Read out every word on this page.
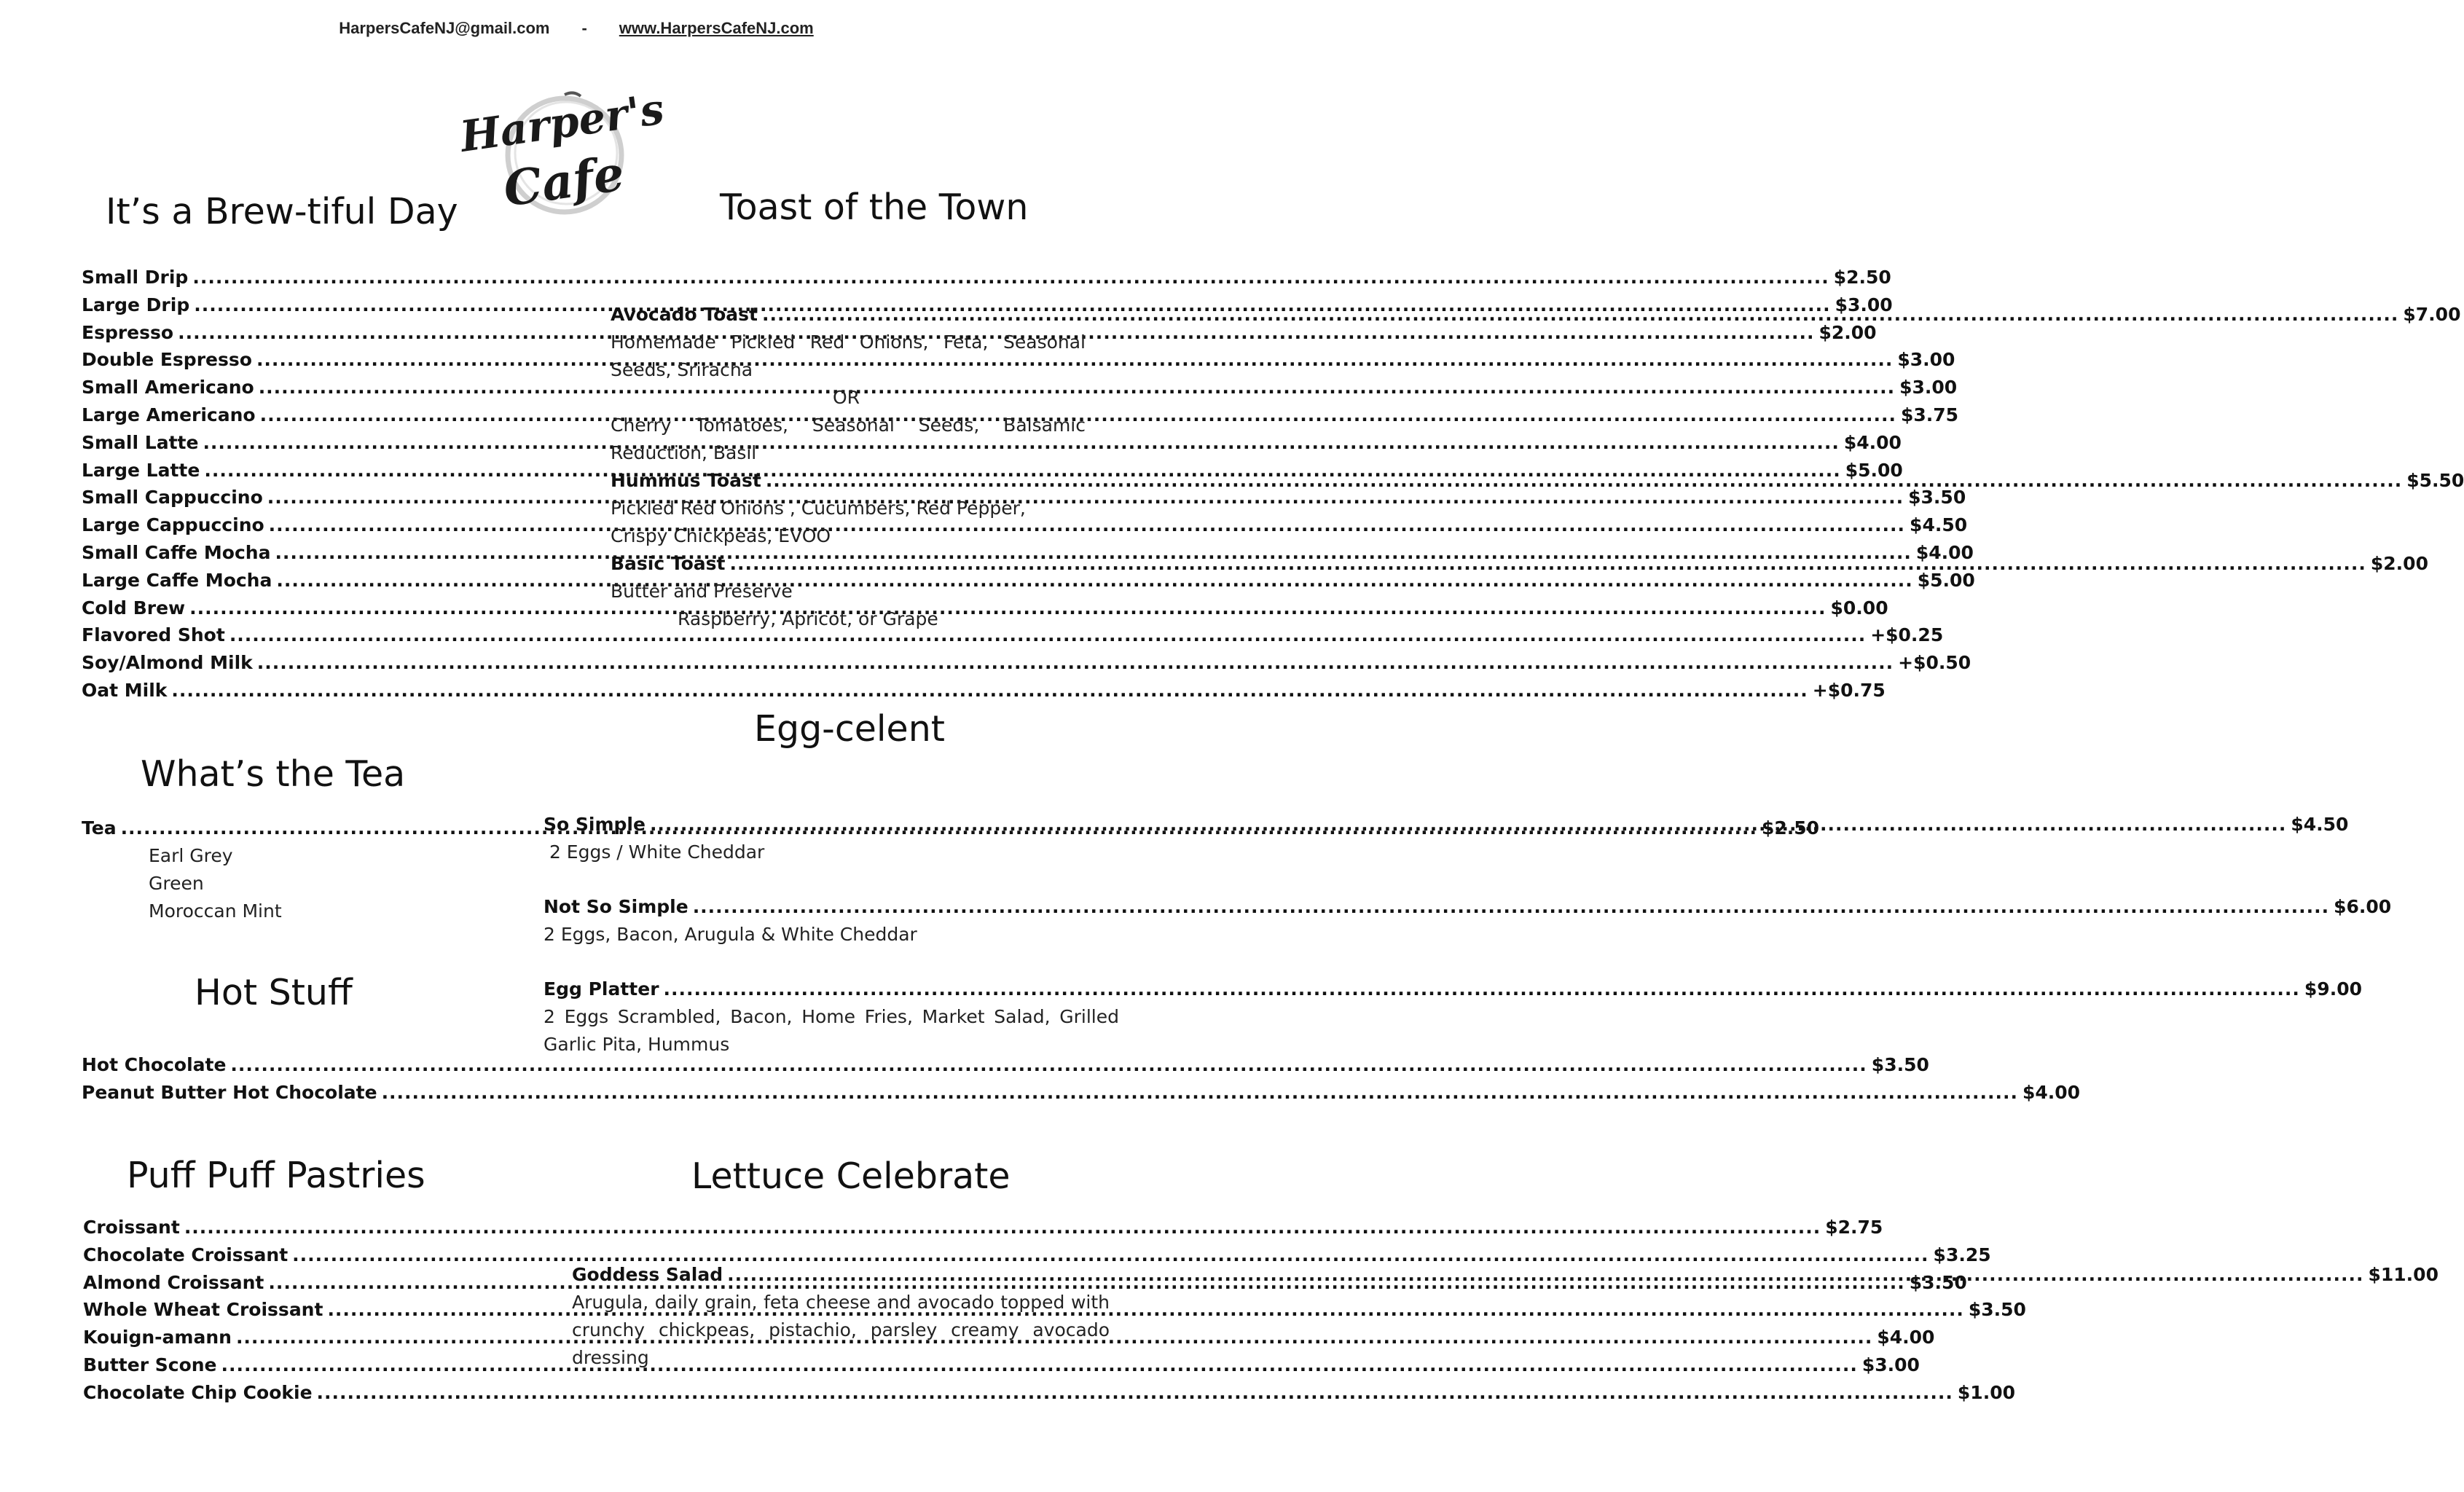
HarpersCafeNJ@gmail.com - www.HarpersCafeNJ.com
Harper's
Cafe
It’s a Brew-tiful Day
Small Drip .....	$2.50
Large Drip .....	$3.00
Espresso .....	$2.00
Double Espresso .....	$3.00
Small Americano .....	$3.00
Large Americano .....	$3.75
Small Latte .....	$4.00
Large Latte .....	$5.00
Small Cappuccino .....	$3.50
Large Cappuccino .....	$4.50
Small Caffe Mocha .....	$4.00
Large Caffe Mocha .....	$5.00
Cold Brew .....	$0.00
Flavored Shot .....	+$0.25
Soy/Almond Milk .....	+$0.50
Oat Milk .....	+$0.75
What’s the Tea
Tea .....	$2.50
Earl Grey
Green
Moroccan Mint
Hot Stuff
Hot Chocolate .....	$3.50
Peanut Butter Hot Chocolate .....	$4.00
Puff Puff Pastries
Croissant .....	$2.75
Chocolate Croissant .....	$3.25
Almond Croissant .....	$3.50
Whole Wheat Croissant .....	$3.50
Kouign-amann .....	$4.00
Butter Scone .....	$3.00
Chocolate Chip Cookie .....	$1.00
Toast of the Town
Avocado Toast .....	$7.00
Homemade Pickled Red Onions, Feta, Seasonal Seeds, Sriracha
OR
Cherry Tomatoes, Seasonal Seeds, Balsamic Reduction, Basil
Hummus Toast .....	$5.50
Pickled Red Onions , Cucumbers, Red Pepper, Crispy Chickpeas, EVOO
Basic Toast .....	$2.00
Butter and Preserve
Raspberry, Apricot, or Grape
Egg-celent
So Simple .....	$4.50
2 Eggs / White Cheddar
Not So Simple .....	$6.00
2 Eggs, Bacon, Arugula & White Cheddar
Egg Platter .....	$9.00
2 Eggs Scrambled, Bacon, Home Fries, Market Salad, Grilled Garlic Pita, Hummus
Lettuce Celebrate
Goddess Salad .....	$11.00
Arugula, daily grain, feta cheese and avocado topped with crunchy chickpeas, pistachio, parsley creamy avocado dressing
